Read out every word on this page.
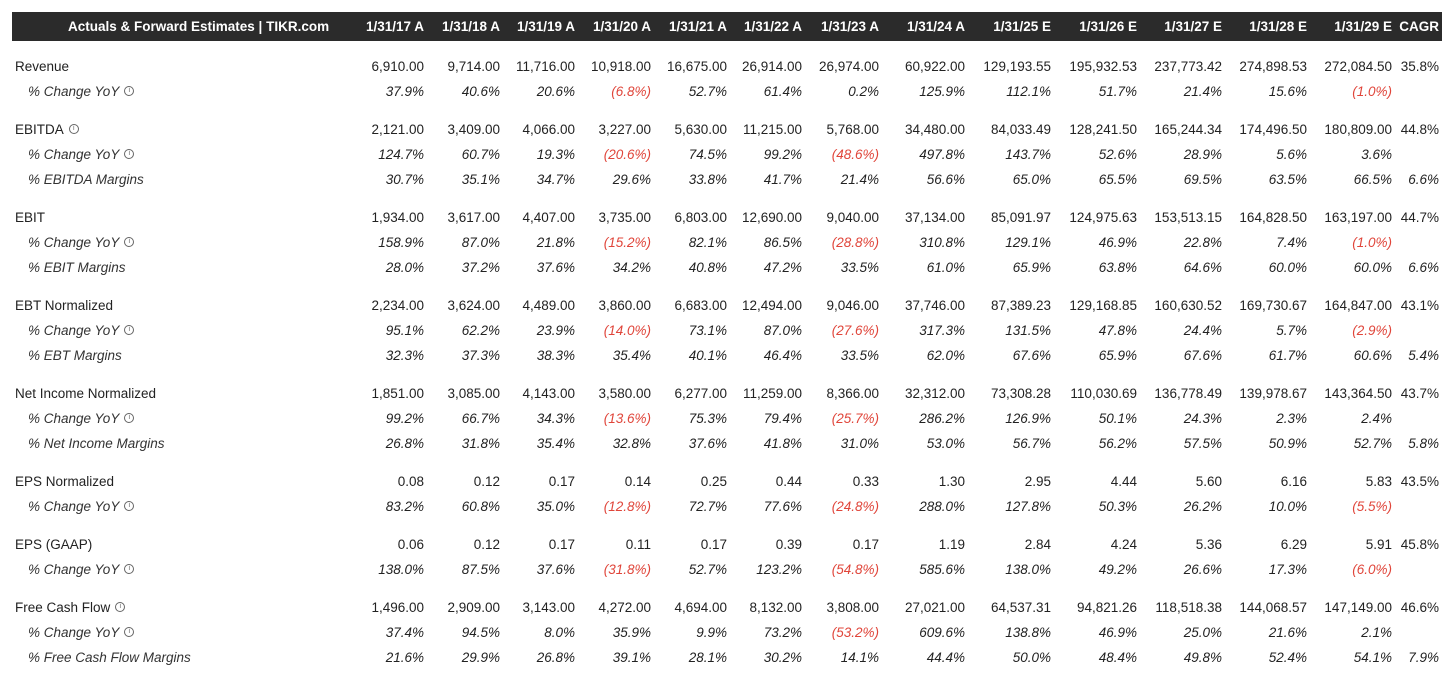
Actuals & Forward Estimates | TIKR.com	1/31/17 A	1/31/18 A	1/31/19 A	1/31/20 A	1/31/21 A	1/31/22 A	1/31/23 A	1/31/24 A	1/31/25 E	1/31/26 E	1/31/27 E	1/31/28 E	1/31/29 E CAGR
Revenue	6,910.00	9,714.00	11,716.00	10,918.00	16,675.00	26,914.00	26,974.00	60,922.00	129,193.55	195,932.53	237,773.42	274,898.53	272,084.50 35.8%
% Change YoY i	37.9%	40.6%	20.6%	(6.8%)	52.7%	61.4%	0.2%	125.9%	112.1%	51.7%	21.4%	15.6%	(1.0%)
EBITDA i	2,121.00	3,409.00	4,066.00	3,227.00	5,630.00	11,215.00	5,768.00	34,480.00	84,033.49	128,241.50	165,244.34	174,496.50	180,809.00 44.8%
% Change YoY i	124.7%	60.7%	19.3%	(20.6%)	74.5%	99.2%	(48.6%)	497.8%	143.7%	52.6%	28.9%	5.6%	3.6%
% EBITDA Margins	30.7%	35.1%	34.7%	29.6%	33.8%	41.7%	21.4%	56.6%	65.0%	65.5%	69.5%	63.5%	66.5%	6.6%
EBIT	1,934.00	3,617.00	4,407.00	3,735.00	6,803.00	12,690.00	9,040.00	37,134.00	85,091.97	124,975.63	153,513.15	164,828.50	163,197.00 44.7%
% Change YoY i	158.9%	87.0%	21.8%	(15.2%)	82.1%	86.5%	(28.8%)	310.8%	129.1%	46.9%	22.8%	7.4%	(1.0%)
% EBIT Margins	28.0%	37.2%	37.6%	34.2%	40.8%	47.2%	33.5%	61.0%	65.9%	63.8%	64.6%	60.0%	60.0%	6.6%
EBT Normalized	2,234.00	3,624.00	4,489.00	3,860.00	6,683.00	12,494.00	9,046.00	37,746.00	87,389.23	129,168.85	160,630.52	169,730.67	164,847.00 43.1%
% Change YoY i	95.1%	62.2%	23.9%	(14.0%)	73.1%	87.0%	(27.6%)	317.3%	131.5%	47.8%	24.4%	5.7%	(2.9%)
% EBT Margins	32.3%	37.3%	38.3%	35.4%	40.1%	46.4%	33.5%	62.0%	67.6%	65.9%	67.6%	61.7%	60.6%	5.4%
Net Income Normalized	1,851.00	3,085.00	4,143.00	3,580.00	6,277.00	11,259.00	8,366.00	32,312.00	73,308.28	110,030.69	136,778.49	139,978.67	143,364.50 43.7%
% Change YoY i	99.2%	66.7%	34.3%	(13.6%)	75.3%	79.4%	(25.7%)	286.2%	126.9%	50.1%	24.3%	2.3%	2.4%
% Net Income Margins	26.8%	31.8%	35.4%	32.8%	37.6%	41.8%	31.0%	53.0%	56.7%	56.2%	57.5%	50.9%	52.7%	5.8%
EPS Normalized	0.08	0.12	0.17	0.14	0.25	0.44	0.33	1.30	2.95	4.44	5.60	6.16	5.83 43.5%
% Change YoY i	83.2%	60.8%	35.0%	(12.8%)	72.7%	77.6%	(24.8%)	288.0%	127.8%	50.3%	26.2%	10.0%	(5.5%)
EPS (GAAP)	0.06	0.12	0.17	0.11	0.17	0.39	0.17	1.19	2.84	4.24	5.36	6.29	5.91 45.8%
% Change YoY i	138.0%	87.5%	37.6%	(31.8%)	52.7%	123.2%	(54.8%)	585.6%	138.0%	49.2%	26.6%	17.3%	(6.0%)
Free Cash Flow i	1,496.00	2,909.00	3,143.00	4,272.00	4,694.00	8,132.00	3,808.00	27,021.00	64,537.31	94,821.26	118,518.38	144,068.57	147,149.00 46.6%
% Change YoY i	37.4%	94.5%	8.0%	35.9%	9.9%	73.2%	(53.2%)	609.6%	138.8%	46.9%	25.0%	21.6%	2.1%
% Free Cash Flow Margins	21.6%	29.9%	26.8%	39.1%	28.1%	30.2%	14.1%	44.4%	50.0%	48.4%	49.8%	52.4%	54.1%	7.9%
